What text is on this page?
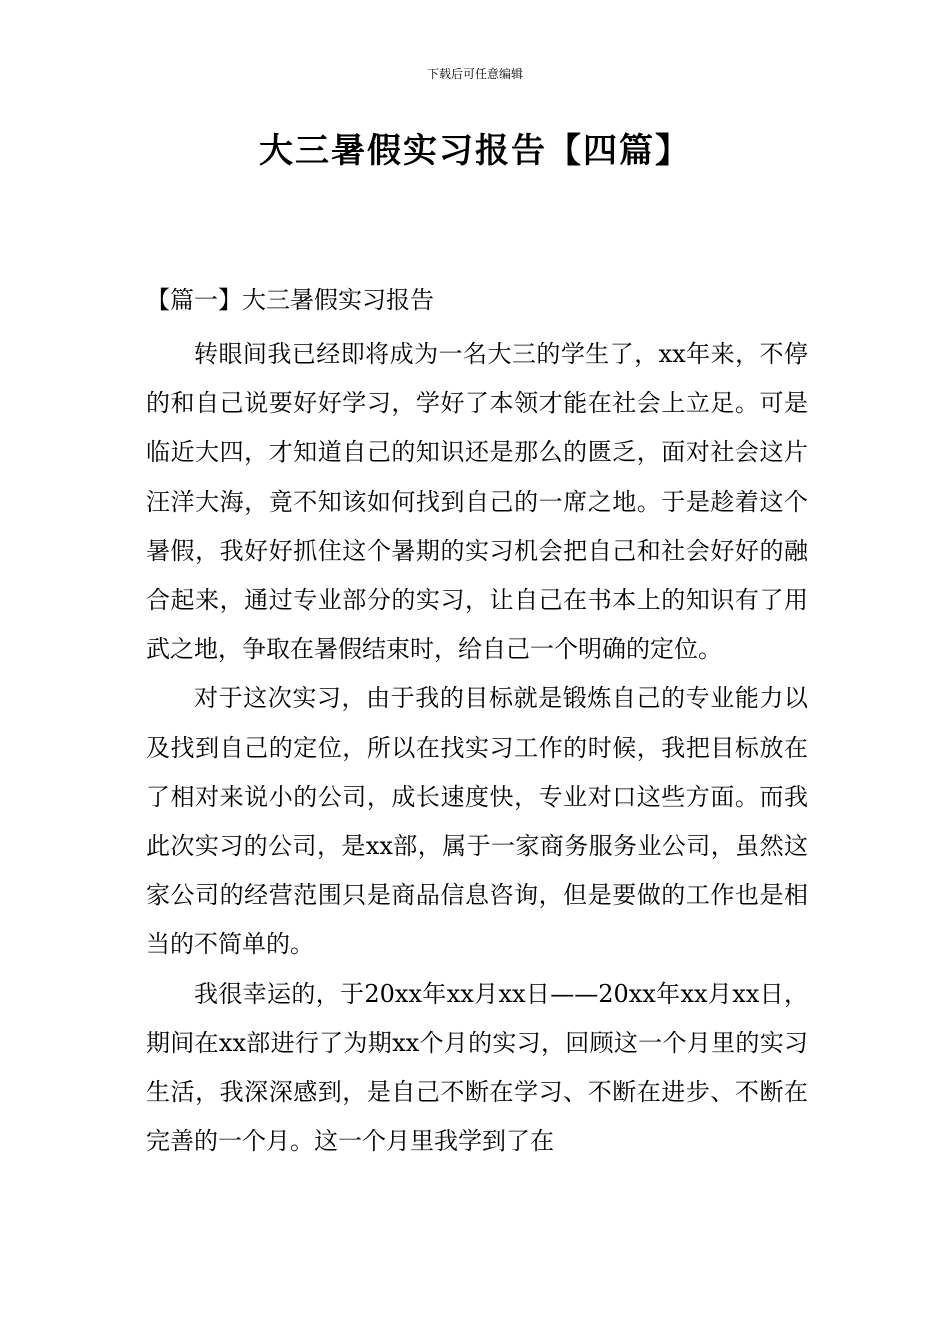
下载后可任意编辑
大三暑假实习报告【四篇】
【篇一】大三暑假实习报告

转眼间我已经即将成为一名大三的学生了，xx年来，不停的和自己说要好好学习，学好了本领才能在社会上立足。可是临近大四，才知道自己的知识还是那么的匮乏，面对社会这片汪洋大海，竟不知该如何找到自己的一席之地。于是趁着这个暑假，我好好抓住这个暑期的实习机会把自己和社会好好的融合起来，通过专业部分的实习，让自己在书本上的知识有了用武之地，争取在暑假结束时，给自己一个明确的定位。

对于这次实习，由于我的目标就是锻炼自己的专业能力以及找到自己的定位，所以在找实习工作的时候，我把目标放在了相对来说小的公司，成长速度快，专业对口这些方面。而我此次实习的公司，是xx部，属于一家商务服务业公司，虽然这家公司的经营范围只是商品信息咨询，但是要做的工作也是相当的不简单的。

我很幸运的，于20xx年xx月xx日——20xx年xx月xx日，期间在xx部进行了为期xx个月的实习，回顾这一个月里的实习生活，我深深感到，是自己不断在学习、不断在进步、不断在完善的一个月。这一个月里我学到了在
